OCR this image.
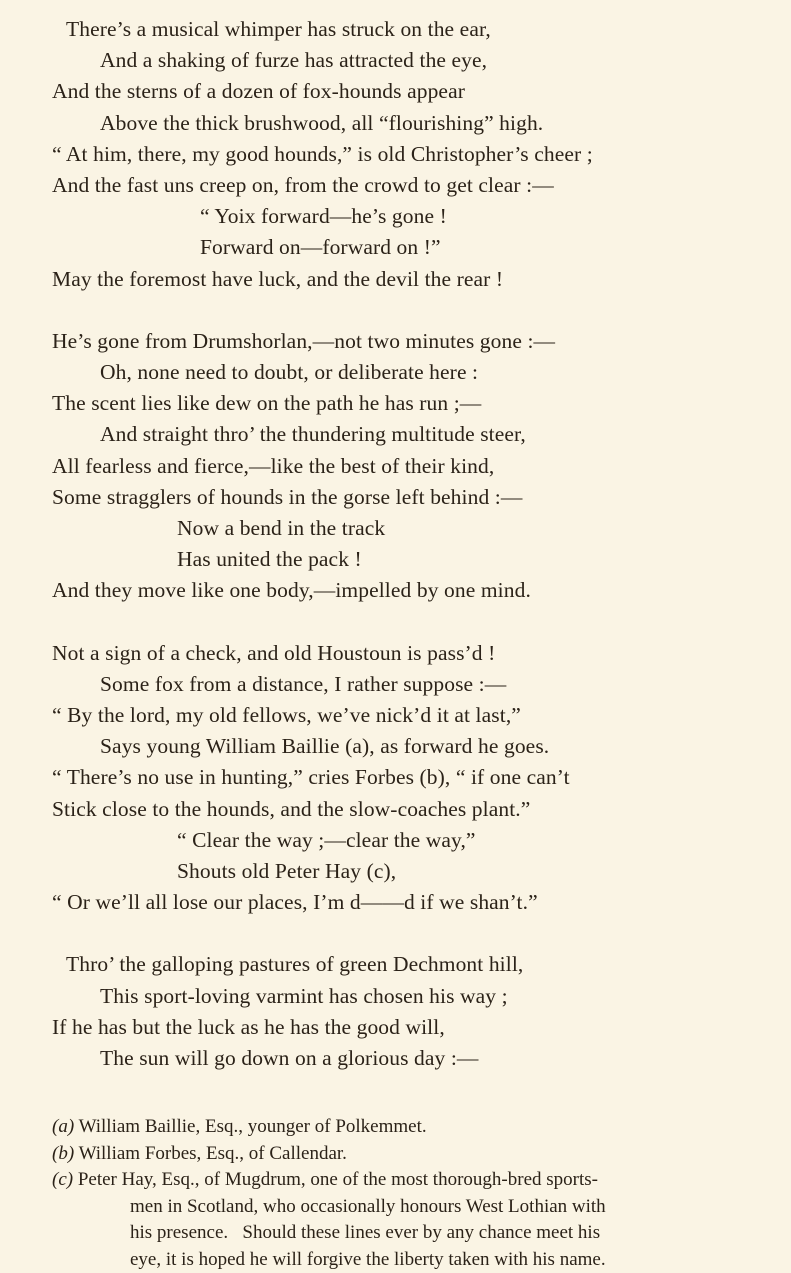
There’s a musical whimper has struck on the ear,
And a shaking of furze has attracted the eye,
And the sterns of a dozen of fox-hounds appear
Above the thick brushwood, all “flourishing” high.
“ At him, there, my good hounds,” is old Christopher’s cheer ;
And the fast uns creep on, from the crowd to get clear :—
“ Yoix forward—he’s gone !
Forward on—forward on !”
May the foremost have luck, and the devil the rear !
He’s gone from Drumshorlan,—not two minutes gone :—
Oh, none need to doubt, or deliberate here :
The scent lies like dew on the path he has run ;—
And straight thro’ the thundering multitude steer,
All fearless and fierce,—like the best of their kind,
Some stragglers of hounds in the gorse left behind :—
Now a bend in the track
Has united the pack !
And they move like one body,—impelled by one mind.
Not a sign of a check, and old Houstoun is pass’d !
Some fox from a distance, I rather suppose :—
“ By the lord, my old fellows, we’ve nick’d it at last,”
Says young William Baillie (a), as forward he goes.
“ There’s no use in hunting,” cries Forbes (b), “ if one can’t
Stick close to the hounds, and the slow-coaches plant.”
“ Clear the way ;—clear the way,”
Shouts old Peter Hay (c),
“ Or we’ll all lose our places, I’m d——d if we shan’t.”
Thro’ the galloping pastures of green Dechmont hill,
This sport-loving varmint has chosen his way ;
If he has but the luck as he has the good will,
The sun will go down on a glorious day :—
(a) William Baillie, Esq., younger of Polkemmet.
(b) William Forbes, Esq., of Callendar.
(c) Peter Hay, Esq., of Mugdrum, one of the most thorough-bred sports-
men in Scotland, who occasionally honours West Lothian with
his presence.   Should these lines ever by any chance meet his
eye, it is hoped he will forgive the liberty taken with his name.
